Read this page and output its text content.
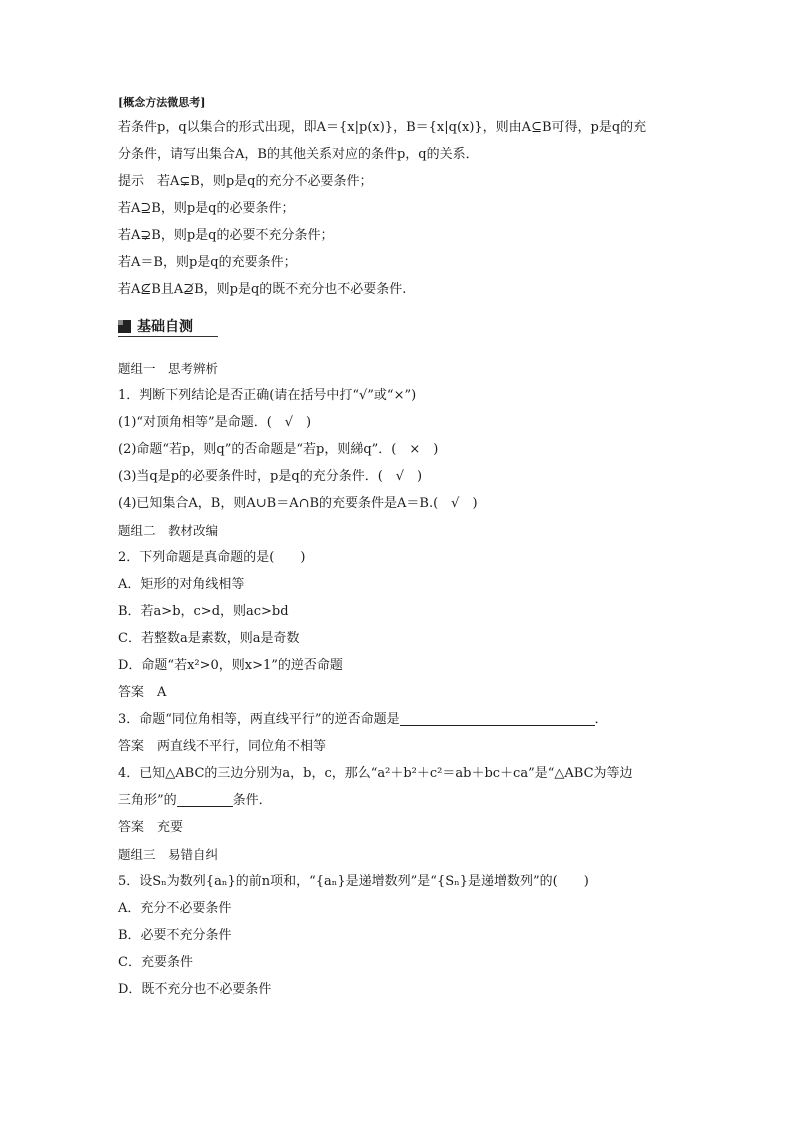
[概念方法微思考]
若条件p，q以集合的形式出现，即A＝{x|p(x)}，B＝{x|q(x)}，则由A⊆B可得，p是q的充
分条件，请写出集合A，B的其他关系对应的条件p，q的关系．
提示　若A⊊B，则p是q的充分不必要条件；
若A⊇B，则p是q的必要条件；
若A⊋B，则p是q的必要不充分条件；
若A＝B，则p是q的充要条件；
若A⊈B且A⊉B，则p是q的既不充分也不必要条件.
基础自测
题组一　思考辨析
1．判断下列结论是否正确(请在括号中打“√”或“×”)
(1)“对顶角相等”是命题．(　√　)
(2)命题“若p，则q”的否命题是“若p，则綈q”．(　×　)
(3)当q是p的必要条件时，p是q的充分条件．(　√　)
(4)已知集合A，B，则A∪B＝A∩B的充要条件是A＝B.(　√　)
题组二　教材改编
2．下列命题是真命题的是(　　)
A．矩形的对角线相等
B．若a>b，c>d，则ac>bd
C．若整数a是素数，则a是奇数
D．命题“若x²>0，则x>1”的逆否命题
答案　A
3．命题“同位角相等，两直线平行”的逆否命题是	．
答案　两直线不平行，同位角不相等
4．已知△ABC的三边分别为a，b，c，那么“a²＋b²＋c²＝ab＋bc＋ca”是“△ABC为等边
三角形”的	条件．
答案　充要
题组三　易错自纠
5．设Sₙ为数列{aₙ}的前n项和，“{aₙ}是递增数列”是“{Sₙ}是递增数列”的(　　)
A．充分不必要条件
B．必要不充分条件
C．充要条件
D．既不充分也不必要条件
